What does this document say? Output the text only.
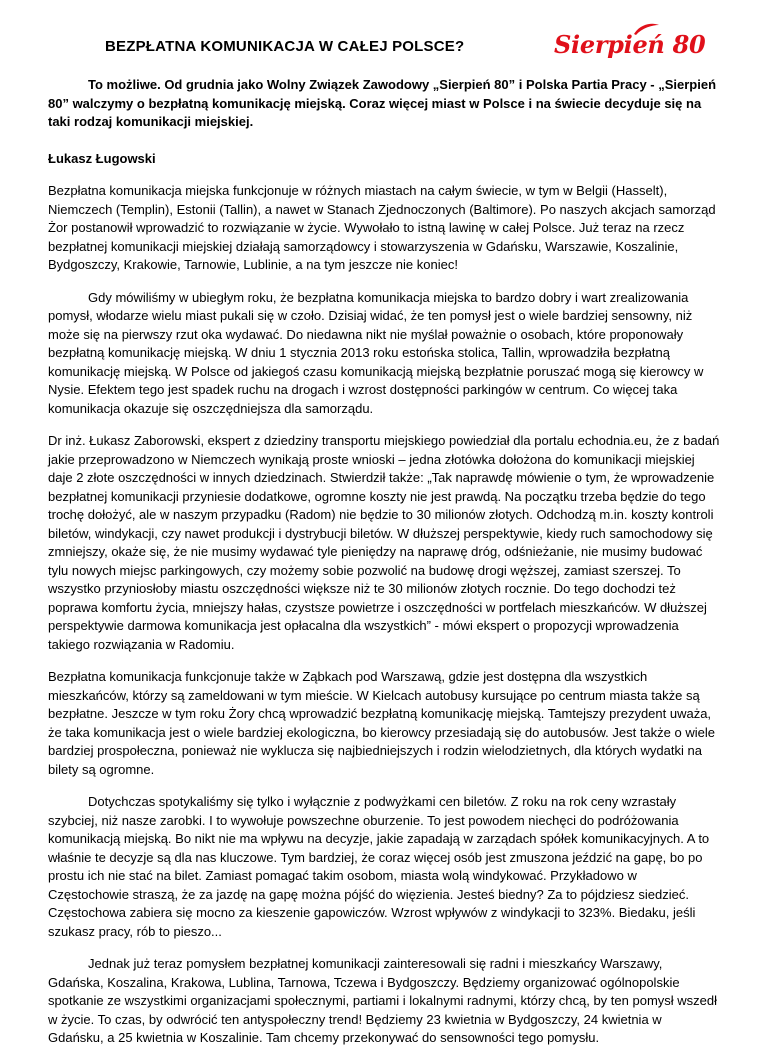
BEZPŁATNA KOMUNIKACJA W CAŁEJ POLSCE?	Sierpień 80

To możliwe. Od grudnia jako Wolny Związek Zawodowy „Sierpień 80” i Polska Partia Pracy - „Sierpień 80” walczymy o bezpłatną komunikację miejską. Coraz więcej miast w Polsce i na świecie decyduje się na taki rodzaj komunikacji miejskiej.

Łukasz Ługowski

Bezpłatna komunikacja miejska funkcjonuje w różnych miastach na całym świecie, w tym w Belgii (Hasselt), Niemczech (Templin), Estonii (Tallin), a nawet w Stanach Zjednoczonych (Baltimore). Po naszych akcjach samorząd Żor postanowił wprowadzić to rozwiązanie w życie. Wywołało to istną lawinę w całej Polsce. Już teraz na rzecz bezpłatnej komunikacji miejskiej działają samorządowcy i stowarzyszenia w Gdańsku, Warszawie, Koszalinie, Bydgoszczy, Krakowie, Tarnowie, Lublinie, a na tym jeszcze nie koniec!

Gdy mówiliśmy w ubiegłym roku, że bezpłatna komunikacja miejska to bardzo dobry i wart zrealizowania pomysł, włodarze wielu miast pukali się w czoło. Dzisiaj widać, że ten pomysł jest o wiele bardziej sensowny, niż może się na pierwszy rzut oka wydawać. Do niedawna nikt nie myślał poważnie o osobach, które proponowały bezpłatną komunikację miejską. W dniu 1 stycznia 2013 roku estońska stolica, Tallin, wprowadziła bezpłatną komunikację miejską. W Polsce od jakiegoś czasu komunikacją miejską bezpłatnie poruszać mogą się kierowcy w Nysie. Efektem tego jest spadek ruchu na drogach i wzrost dostępności parkingów w centrum. Co więcej taka komunikacja okazuje się oszczędniejsza dla samorządu.

Dr inż. Łukasz Zaborowski, ekspert z dziedziny transportu miejskiego powiedział dla portalu echodnia.eu, że z badań jakie przeprowadzono w Niemczech wynikają proste wnioski – jedna złotówka dołożona do komunikacji miejskiej daje 2 złote oszczędności w innych dziedzinach. Stwierdził także: „Tak naprawdę mówienie o tym, że wprowadzenie bezpłatnej komunikacji przyniesie dodatkowe, ogromne koszty nie jest prawdą. Na początku trzeba będzie do tego trochę dołożyć, ale w naszym przypadku (Radom) nie będzie to 30 milionów złotych. Odchodzą m.in. koszty kontroli biletów, windykacji, czy nawet produkcji i dystrybucji biletów. W dłuższej perspektywie, kiedy ruch samochodowy się zmniejszy, okaże się, że nie musimy wydawać tyle pieniędzy na naprawę dróg, odśnieżanie, nie musimy budować tylu nowych miejsc parkingowych, czy możemy sobie pozwolić na budowę drogi węższej, zamiast szerszej. To wszystko przyniosłoby miastu oszczędności większe niż te 30 milionów złotych rocznie. Do tego dochodzi też poprawa komfortu życia, mniejszy hałas, czystsze powietrze i oszczędności w portfelach mieszkańców. W dłuższej perspektywie darmowa komunikacja jest opłacalna dla wszystkich” - mówi ekspert o propozycji wprowadzenia takiego rozwiązania w Radomiu.

Bezpłatna komunikacja funkcjonuje także w Ząbkach pod Warszawą, gdzie jest dostępna dla wszystkich mieszkańców, którzy są zameldowani w tym mieście. W Kielcach autobusy kursujące po centrum miasta także są bezpłatne. Jeszcze w tym roku Żory chcą wprowadzić bezpłatną komunikację miejską. Tamtejszy prezydent uważa, że taka komunikacja jest o wiele bardziej ekologiczna, bo kierowcy przesiadają się do autobusów. Jest także o wiele bardziej prospołeczna, ponieważ nie wyklucza się najbiedniejszych i rodzin wielodzietnych, dla których wydatki na bilety są ogromne.

Dotychczas spotykaliśmy się tylko i wyłącznie z podwyżkami cen biletów. Z roku na rok ceny wzrastały szybciej, niż nasze zarobki. I to wywołuje powszechne oburzenie. To jest powodem niechęci do podróżowania komunikacją miejską. Bo nikt nie ma wpływu na decyzje, jakie zapadają w zarządach spółek komunikacyjnych. A to właśnie te decyzje są dla nas kluczowe. Tym bardziej, że coraz więcej osób jest zmuszona jeździć na gapę, bo po prostu ich nie stać na bilet. Zamiast pomagać takim osobom, miasta wolą windykować. Przykładowo w Częstochowie straszą, że za jazdę na gapę można pójść do więzienia. Jesteś biedny? Za to pójdziesz siedzieć. Częstochowa zabiera się mocno za kieszenie gapowiczów. Wzrost wpływów z windykacji to 323%. Biedaku, jeśli szukasz pracy, rób to pieszo...

Jednak już teraz pomysłem bezpłatnej komunikacji zainteresowali się radni i mieszkańcy Warszawy, Gdańska, Koszalina, Krakowa, Lublina, Tarnowa, Tczewa i Bydgoszczy. Będziemy organizować ogólnopolskie spotkanie ze wszystkimi organizacjami społecznymi, partiami i lokalnymi radnymi, którzy chcą, by ten pomysł wszedł w życie. To czas, by odwrócić ten antyspołeczny trend! Będziemy 23 kwietnia w Bydgoszczy, 24 kwietnia w Gdańsku, a 25 kwietnia w Koszalinie. Tam chcemy przekonywać do sensowności tego pomysłu.
